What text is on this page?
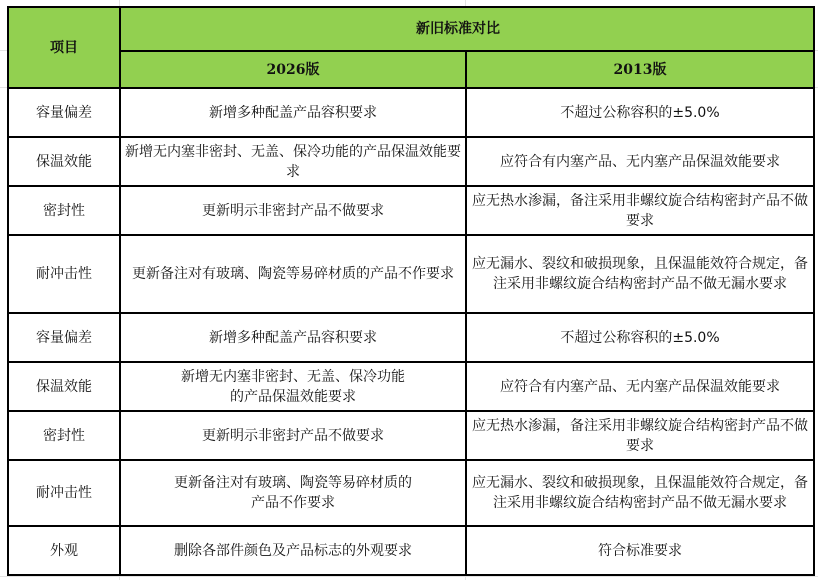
项目	新旧标准对比	
	2026版	2013版
容量偏差	新增多种配盖产品容积要求	不超过公称容积的±5.0%
保温效能	新增无内塞非密封、无盖、保冷功能的产品保温效能要求	应符合有内塞产品、无内塞产品保温效能要求
密封性	更新明示非密封产品不做要求	应无热水渗漏，备注采用非螺纹旋合结构密封产品不做要求
耐冲击性	更新备注对有玻璃、陶瓷等易碎材质的产品不作要求	应无漏水、裂纹和破损现象，且保温能效符合规定，备注采用非螺纹旋合结构密封产品不做无漏水要求
容量偏差	新增多种配盖产品容积要求	不超过公称容积的±5.0%
保温效能	新增无内塞非密封、无盖、保冷功能的产品保温效能要求	应符合有内塞产品、无内塞产品保温效能要求
密封性	更新明示非密封产品不做要求	应无热水渗漏，备注采用非螺纹旋合结构密封产品不做要求
耐冲击性	更新备注对有玻璃、陶瓷等易碎材质的产品不作要求	应无漏水、裂纹和破损现象，且保温能效符合规定，备注采用非螺纹旋合结构密封产品不做无漏水要求
外观	删除各部件颜色及产品标志的外观要求	符合标准要求
